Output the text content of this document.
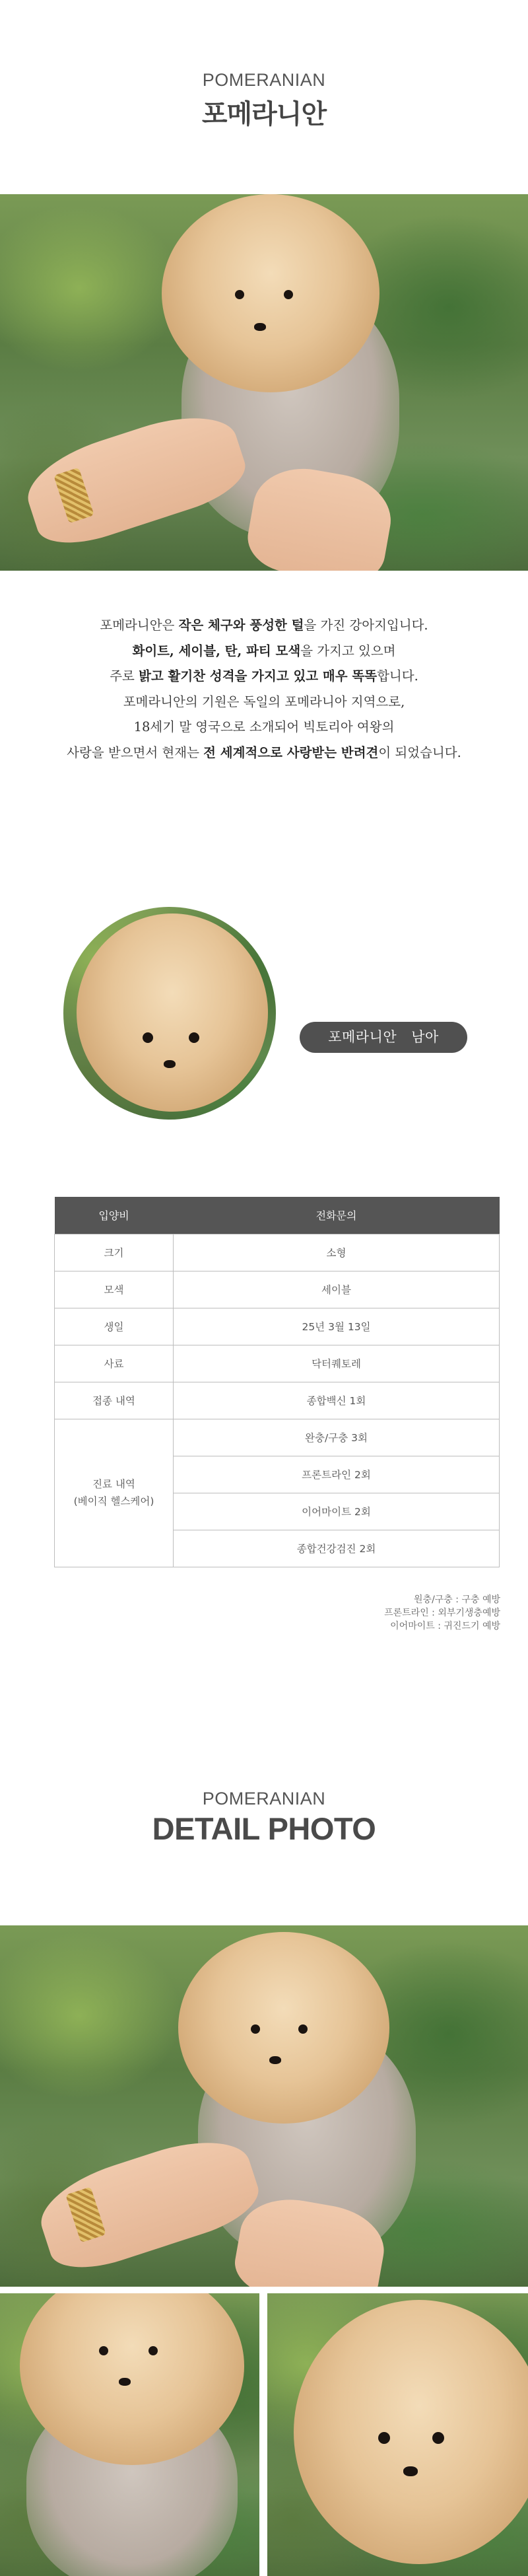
POMERANIAN
포메라니안
포메라니안은 작은 체구와 풍성한 털을 가진 강아지입니다.
화이트, 세이블, 탄, 파티 모색을 가지고 있으며
주로 밝고 활기찬 성격을 가지고 있고 매우 똑똑합니다.
포메라니안의 기원은 독일의 포메라니아 지역으로,
18세기 말 영국으로 소개되어 빅토리아 여왕의
사랑을 받으면서 현재는 전 세계적으로 사랑받는 반려견이 되었습니다.
포메라니안 남아
입양비	전화문의
크기	소형
모색	세이블
생일	25년 3월 13일
사료	닥터퀘토레
접종 내역	종합백신 1회

진료 내역
(베이직 헬스케어)	완충/구충 3회
	프론트라인 2회
	이어마이트 2회
	종합건강검진 2회
원충/구충 : 구충 예방
프론트라인 : 외부기생충예방
이어마이트 : 귀진드기 예방
POMERANIAN
DETAIL PHOTO
